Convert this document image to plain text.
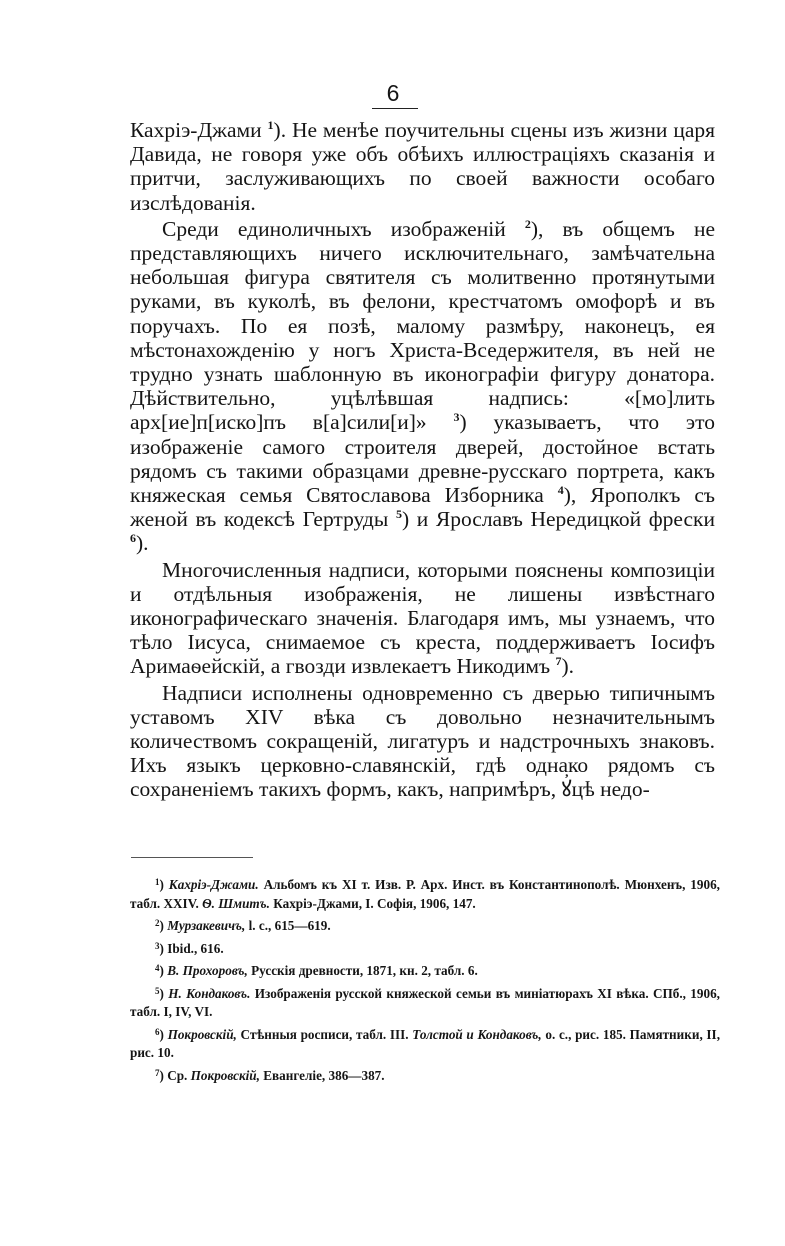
6

Кахріэ-Джами $^1$). Не менѣе поучительны сцены изъ жизни царя Давида, не говоря уже объ обѣихъ иллюстраціяхъ сказанія и притчи, заслуживающихъ по своей важности особаго изслѣдованія.

Среди единоличныхъ изображеній $^2$), въ общемъ не представляющихъ ничего исключительнаго, замѣчательна небольшая фигура святителя съ молитвенно протянутыми руками, въ куколѣ, въ фелони, крестчатомъ омофорѣ и въ поручахъ. По ея позѣ, малому размѣру, наконецъ, ея мѣстонахожденію у ногъ Христа-Вседержителя, въ ней не трудно узнать шаблонную въ иконографіи фигуру донатора. Дѣйствительно, уцѣлѣвшая надпись: «[мо]лить арх[ие]п[иско]пъ в[а]сили[и]» $^3$) указываетъ, что это изображеніе самого строителя дверей, достойное встать рядомъ съ такими образцами древне-русскаго портрета, какъ княжеская семья Святославова Изборника $^4$), Ярополкъ съ женой въ кодексѣ Гертруды $^5$) и Ярославъ Нередицкой фрески $^6$).

Многочисленныя надписи, которыми пояснены композиціи и отдѣльныя изображенія, не лишены извѣстнаго иконографическаго значенія. Благодаря имъ, мы узнаемъ, что тѣло Іисуса, снимаемое съ креста, поддерживаетъ Іосифъ Аримаѳейскій, а гвозди извлекаетъ Никодимъ $^7$).

Надписи исполнены одновременно съ дверью типичнымъ уставомъ XIV вѣка съ довольно незначительнымъ количествомъ сокращеній, лигатуръ и надстрочныхъ знаковъ. Ихъ языкъ церковно-славянскій, гдѣ однако рядомъ съ сохраненіемъ такихъ формъ, какъ, напримѣръ, ꙋ҆цѣ недо-

$^1$) Кахріэ-Джами. Альбомъ къ XI т. Изв. Р. Арх. Инст. въ Константинополѣ. Мюнхенъ, 1906, табл. XXIV. Ѳ. Шмитъ. Кахріэ-Джами, I. Софія, 1906, 147.

$^2$) Мурзакевичъ, l. c., 615—619.

$^3$) Ibid., 616.

$^4$) В. Прохоровъ, Русскія древности, 1871, кн. 2, табл. 6.

$^5$) Н. Кондаковъ. Изображенія русской княжеской семьи въ миніатюрахъ XI вѣка. СПб., 1906, табл. I, IV, VI.

$^6$) Покровскій, Стѣнныя росписи, табл. III. Толстой и Кондаковъ, о. с., рис. 185. Памятники, II, рис. 10.

$^7$) Ср. Покровскій, Евангеліе, 386—387.
